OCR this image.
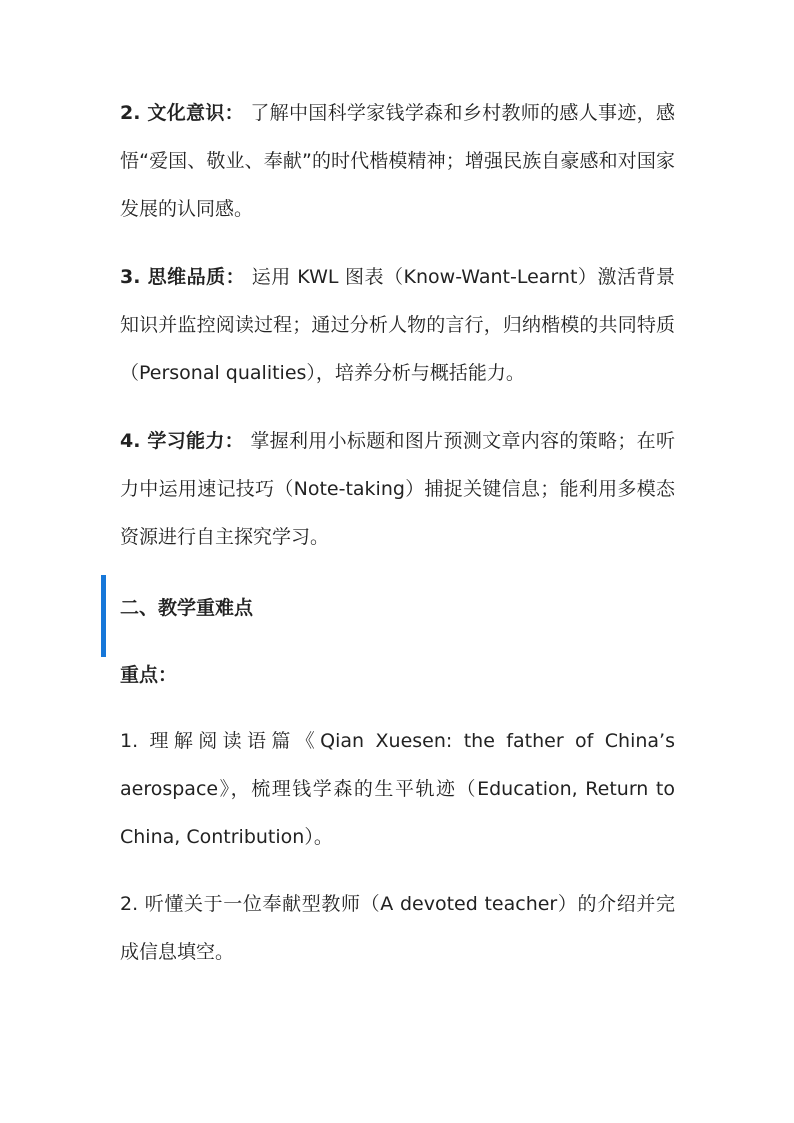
2. 文化意识： 了解中国科学家钱学森和乡村教师的感人事迹，感悟“爱国、敬业、奉献”的时代楷模精神；增强民族自豪感和对国家发展的认同感。

3. 思维品质： 运用 KWL 图表（Know-Want-Learnt）激活背景知识并监控阅读过程；通过分析人物的言行，归纳楷模的共同特质（Personal qualities），培养分析与概括能力。

4. 学习能力： 掌握利用小标题和图片预测文章内容的策略；在听力中运用速记技巧（Note-taking）捕捉关键信息；能利用多模态资源进行自主探究学习。

二、教学重难点

重点：

1. 理解阅读语篇《Qian Xuesen: the father of China’s aerospace》，梳理钱学森的生平轨迹（Education, Return to China, Contribution）。

2. 听懂关于一位奉献型教师（A devoted teacher）的介绍并完成信息填空。
